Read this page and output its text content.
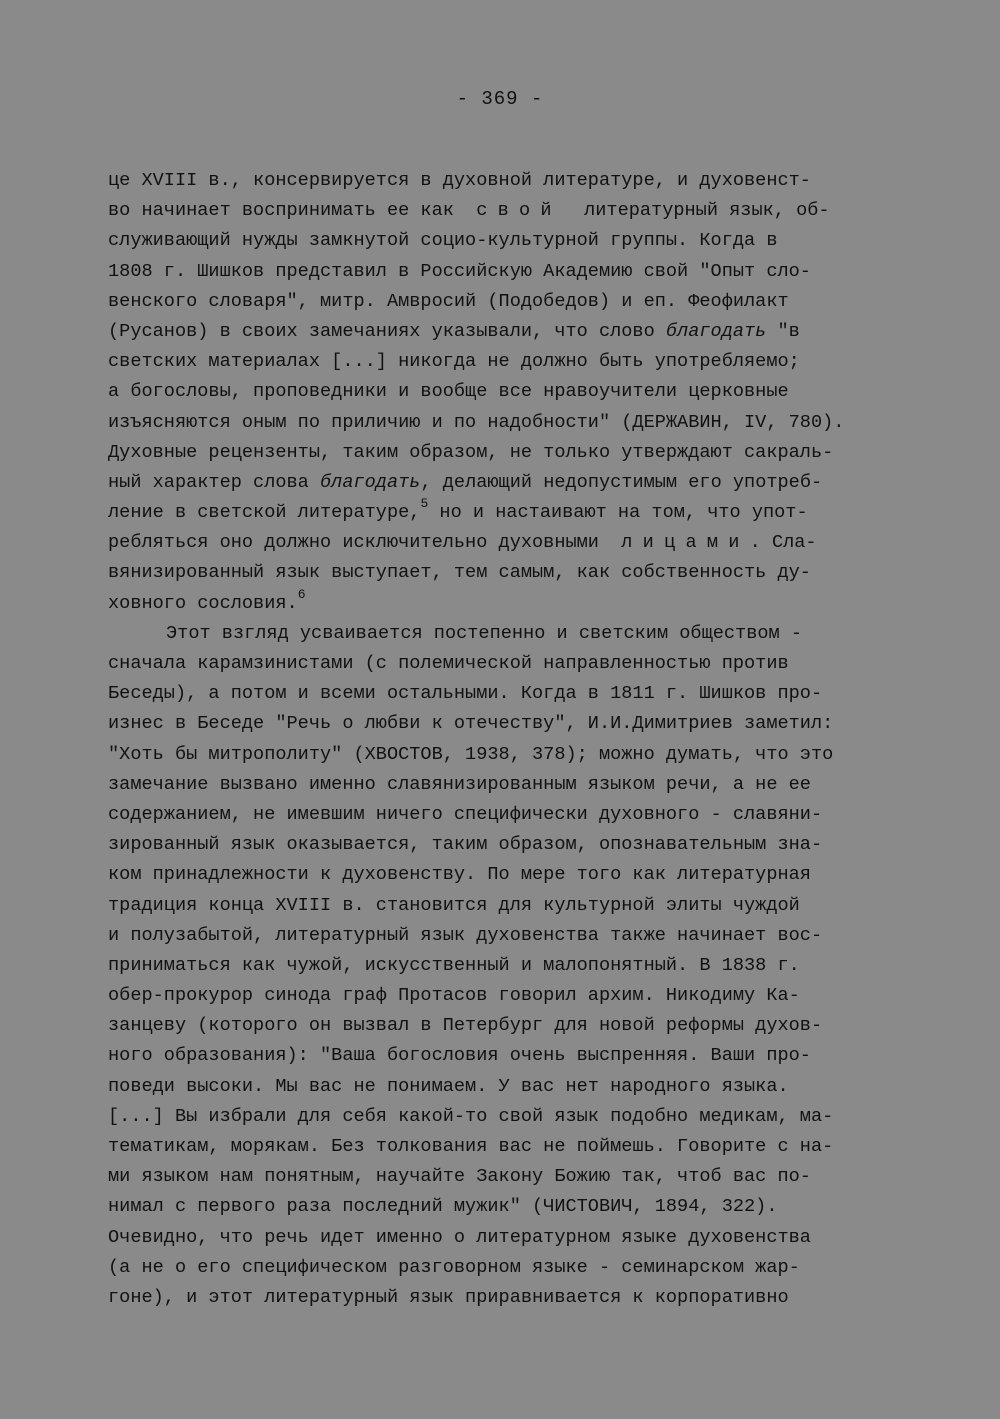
- 369 -
це XVIII в., консервируется в духовной литературе, и духовенст-
во начинает воспринимать ее как  свой  литературный язык, об-
служивающий нужды замкнутой социо-культурной группы. Когда в
1808 г. Шишков представил в Российскую Академию свой "Опыт сло-
венского словаря", митр. Амвросий (Подобедов) и еп. Феофилакт
(Русанов) в своих замечаниях указывали, что слово благодать "в
светских материалах [...] никогда не должно быть употребляемо;
а богословы, проповедники и вообще все нравоучители церковные
изъясняются оным по приличию и по надобности" (ДЕРЖАВИН, IV, 780).
Духовные рецензенты, таким образом, не только утверждают сакраль-
ный характер слова благодать, делающий недопустимым его употреб-
ление в светской литературе,$^5$ но и настаивают на том, что упот-
ребляться оно должно исключительно духовными  лицами. Сла-
вянизированный язык выступает, тем самым, как собственность ду-
ховного сословия.$^6$
Этот взгляд усваивается постепенно и светским обществом -
сначала карамзинистами (с полемической направленностью против
Беседы), а потом и всеми остальными. Когда в 1811 г. Шишков про-
изнес в Беседе "Речь о любви к отечеству", И.И.Димитриев заметил:
"Хоть бы митрополиту" (ХВОСТОВ, 1938, 378); можно думать, что это
замечание вызвано именно славянизированным языком речи, а не ее
содержанием, не имевшим ничего специфически духовного - славяни-
зированный язык оказывается, таким образом, опознавательным зна-
ком принадлежности к духовенству. По мере того как литературная
традиция конца XVIII в. становится для культурной элиты чуждой
и полузабытой, литературный язык духовенства также начинает вос-
приниматься как чужой, искусственный и малопонятный. В 1838 г.
обер-прокурор синода граф Протасов говорил архим. Никодиму Ка-
занцеву (которого он вызвал в Петербург для новой реформы духов-
ного образования): "Ваша богословия очень выспренняя. Ваши про-
поведи высоки. Мы вас не понимаем. У вас нет народного языка.
[...] Вы избрали для себя какой-то свой язык подобно медикам, ма-
тематикам, морякам. Без толкования вас не поймешь. Говорите с на-
ми языком нам понятным, научайте Закону Божию так, чтоб вас по-
нимал с первого раза последний мужик" (ЧИСТОВИЧ, 1894, 322).
Очевидно, что речь идет именно о литературном языке духовенства
(а не о его специфическом разговорном языке - семинарском жар-
гоне), и этот литературный язык приравнивается к корпоративно
